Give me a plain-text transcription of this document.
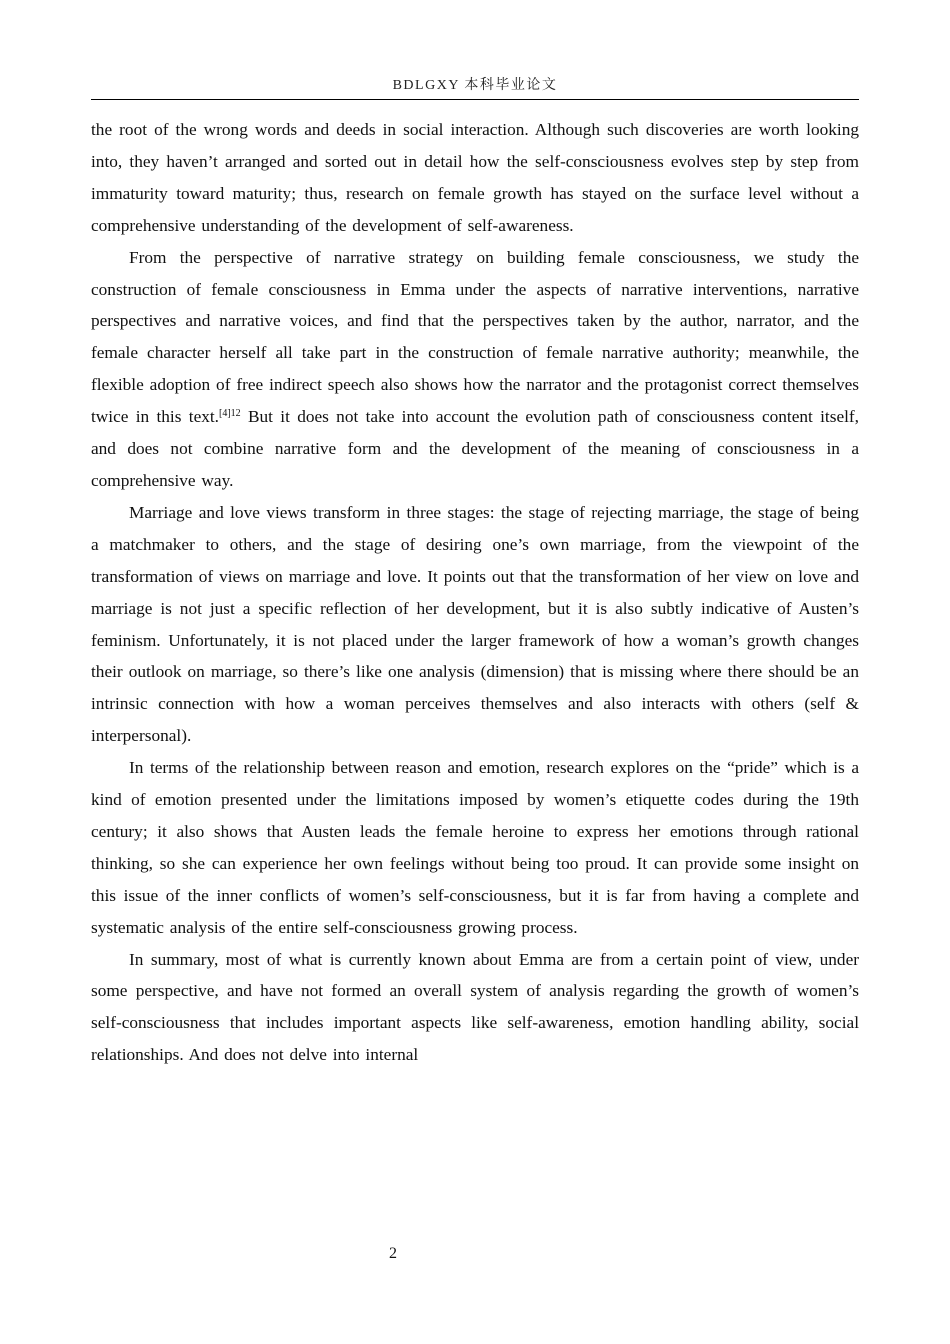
BDLGXY 本科毕业论文

the root of the wrong words and deeds in social interaction. Although such discoveries are worth looking into, they haven’t arranged and sorted out in detail how the self-consciousness evolves step by step from immaturity toward maturity; thus, research on female growth has stayed on the surface level without a comprehensive understanding of the development of self-awareness.

From the perspective of narrative strategy on building female consciousness, we study the construction of female consciousness in Emma under the aspects of narrative interventions, narrative perspectives and narrative voices, and find that the perspectives taken by the author, narrator, and the female character herself all take part in the construction of female narrative authority; meanwhile, the flexible adoption of free indirect speech also shows how the narrator and the protagonist correct themselves twice in this text.$^{[4]12}$ But it does not take into account the evolution path of consciousness content itself, and does not combine narrative form and the development of the meaning of consciousness in a comprehensive way.

Marriage and love views transform in three stages: the stage of rejecting marriage, the stage of being a matchmaker to others, and the stage of desiring one’s own marriage, from the viewpoint of the transformation of views on marriage and love. It points out that the transformation of her view on love and marriage is not just a specific reflection of her development, but it is also subtly indicative of Austen’s feminism. Unfortunately, it is not placed under the larger framework of how a woman’s growth changes their outlook on marriage, so there’s like one analysis (dimension) that is missing where there should be an intrinsic connection with how a woman perceives themselves and also interacts with others (self & interpersonal).

In terms of the relationship between reason and emotion, research explores on the “pride” which is a kind of emotion presented under the limitations imposed by women’s etiquette codes during the 19th century; it also shows that Austen leads the female heroine to express her emotions through rational thinking, so she can experience her own feelings without being too proud. It can provide some insight on this issue of the inner conflicts of women’s self-consciousness, but it is far from having a complete and systematic analysis of the entire self-consciousness growing process.

In summary, most of what is currently known about Emma are from a certain point of view, under some perspective, and have not formed an overall system of analysis regarding the growth of women’s self-consciousness that includes important aspects like self-awareness, emotion handling ability, social relationships. And does not delve into internal

2
